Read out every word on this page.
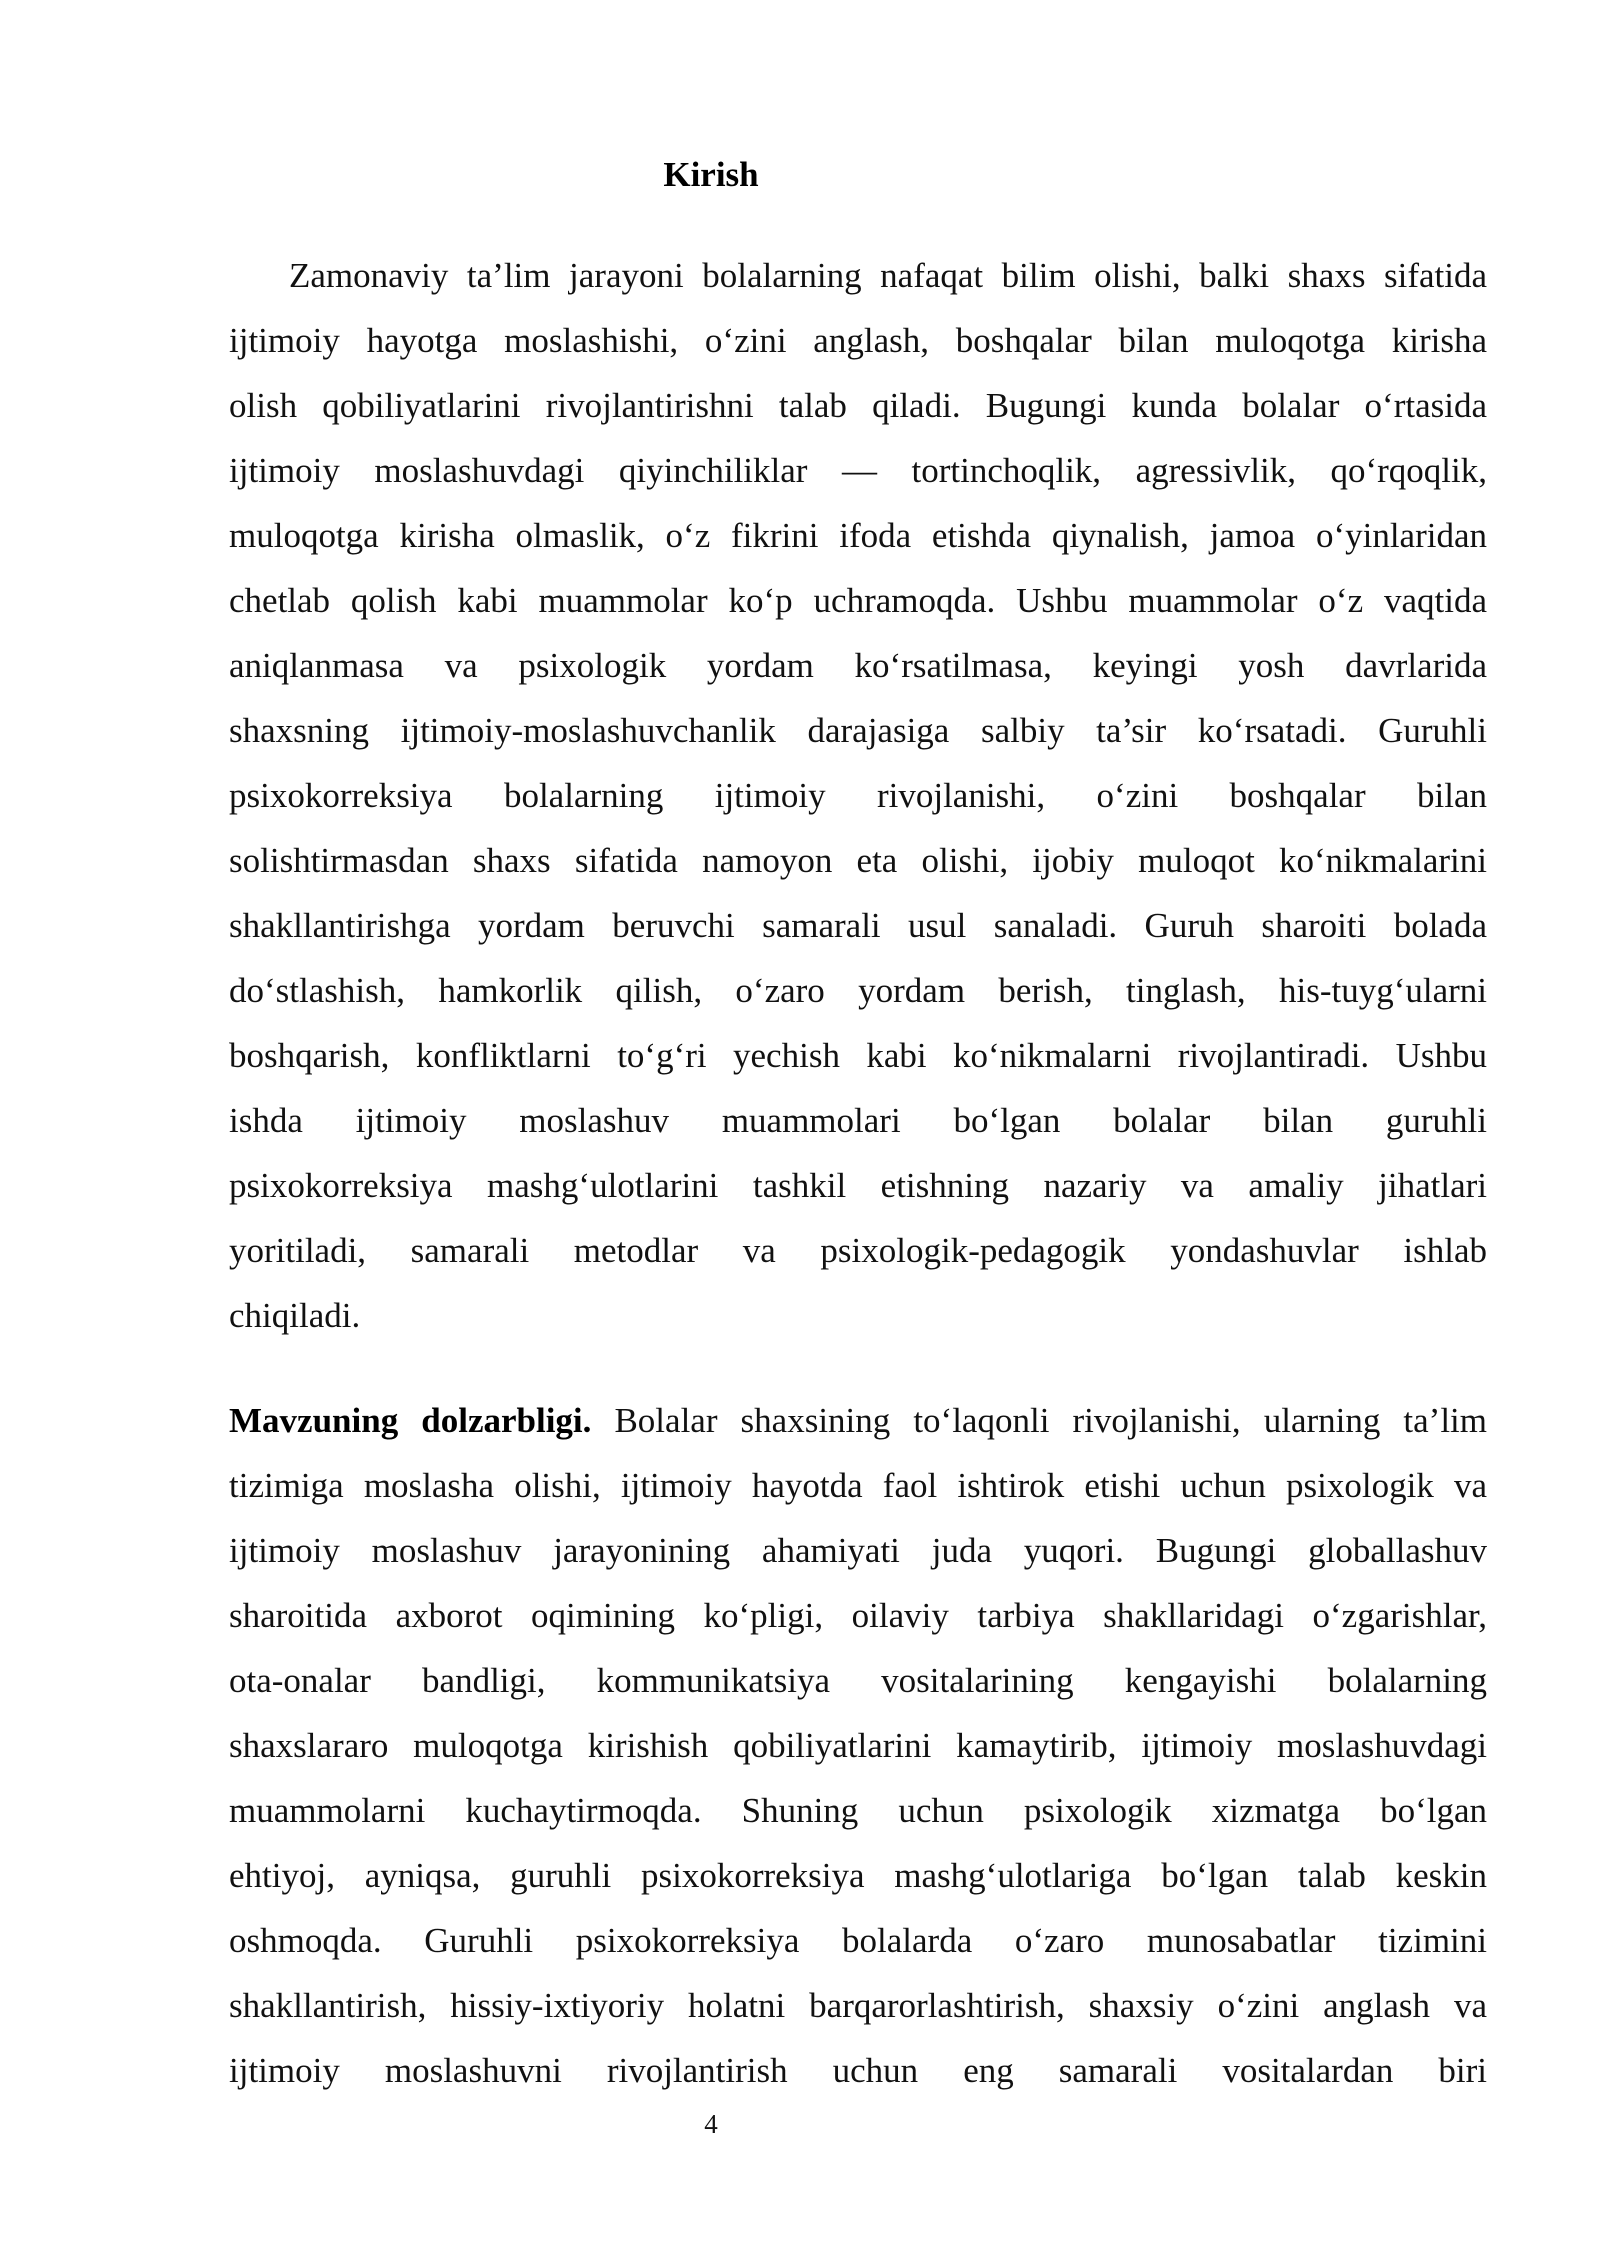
Kirish
Zamonaviy ta’lim jarayoni bolalarning nafaqat bilim olishi, balki shaxs sifatida
ijtimoiy hayotga moslashishi, o‘zini anglash, boshqalar bilan muloqotga kirisha
olish qobiliyatlarini rivojlantirishni talab qiladi. Bugungi kunda bolalar o‘rtasida
ijtimoiy moslashuvdagi qiyinchiliklar — tortinchoqlik, agressivlik, qo‘rqoqlik,
muloqotga kirisha olmaslik, o‘z fikrini ifoda etishda qiynalish, jamoa o‘yinlaridan
chetlab qolish kabi muammolar ko‘p uchramoqda. Ushbu muammolar o‘z vaqtida
aniqlanmasa va psixologik yordam ko‘rsatilmasa, keyingi yosh davrlarida
shaxsning ijtimoiy-moslashuvchanlik darajasiga salbiy ta’sir ko‘rsatadi. Guruhli
psixokorreksiya bolalarning ijtimoiy rivojlanishi, o‘zini boshqalar bilan
solishtirmasdan shaxs sifatida namoyon eta olishi, ijobiy muloqot ko‘nikmalarini
shakllantirishga yordam beruvchi samarali usul sanaladi. Guruh sharoiti bolada
do‘stlashish, hamkorlik qilish, o‘zaro yordam berish, tinglash, his-tuyg‘ularni
boshqarish, konfliktlarni to‘g‘ri yechish kabi ko‘nikmalarni rivojlantiradi. Ushbu
ishda ijtimoiy moslashuv muammolari bo‘lgan bolalar bilan guruhli
psixokorreksiya mashg‘ulotlarini tashkil etishning nazariy va amaliy jihatlari
yoritiladi, samarali metodlar va psixologik-pedagogik yondashuvlar ishlab
chiqiladi.
Mavzuning dolzarbligi. Bolalar shaxsining to‘laqonli rivojlanishi, ularning ta’lim
tizimiga moslasha olishi, ijtimoiy hayotda faol ishtirok etishi uchun psixologik va
ijtimoiy moslashuv jarayonining ahamiyati juda yuqori. Bugungi globallashuv
sharoitida axborot oqimining ko‘pligi, oilaviy tarbiya shakllaridagi o‘zgarishlar,
ota-onalar bandligi, kommunikatsiya vositalarining kengayishi bolalarning
shaxslararo muloqotga kirishish qobiliyatlarini kamaytirib, ijtimoiy moslashuvdagi
muammolarni kuchaytirmoqda. Shuning uchun psixologik xizmatga bo‘lgan
ehtiyoj, ayniqsa, guruhli psixokorreksiya mashg‘ulotlariga bo‘lgan talab keskin
oshmoqda. Guruhli psixokorreksiya bolalarda o‘zaro munosabatlar tizimini
shakllantirish, hissiy-ixtiyoriy holatni barqarorlashtirish, shaxsiy o‘zini anglash va
ijtimoiy moslashuvni rivojlantirish uchun eng samarali vositalardan biri
4
